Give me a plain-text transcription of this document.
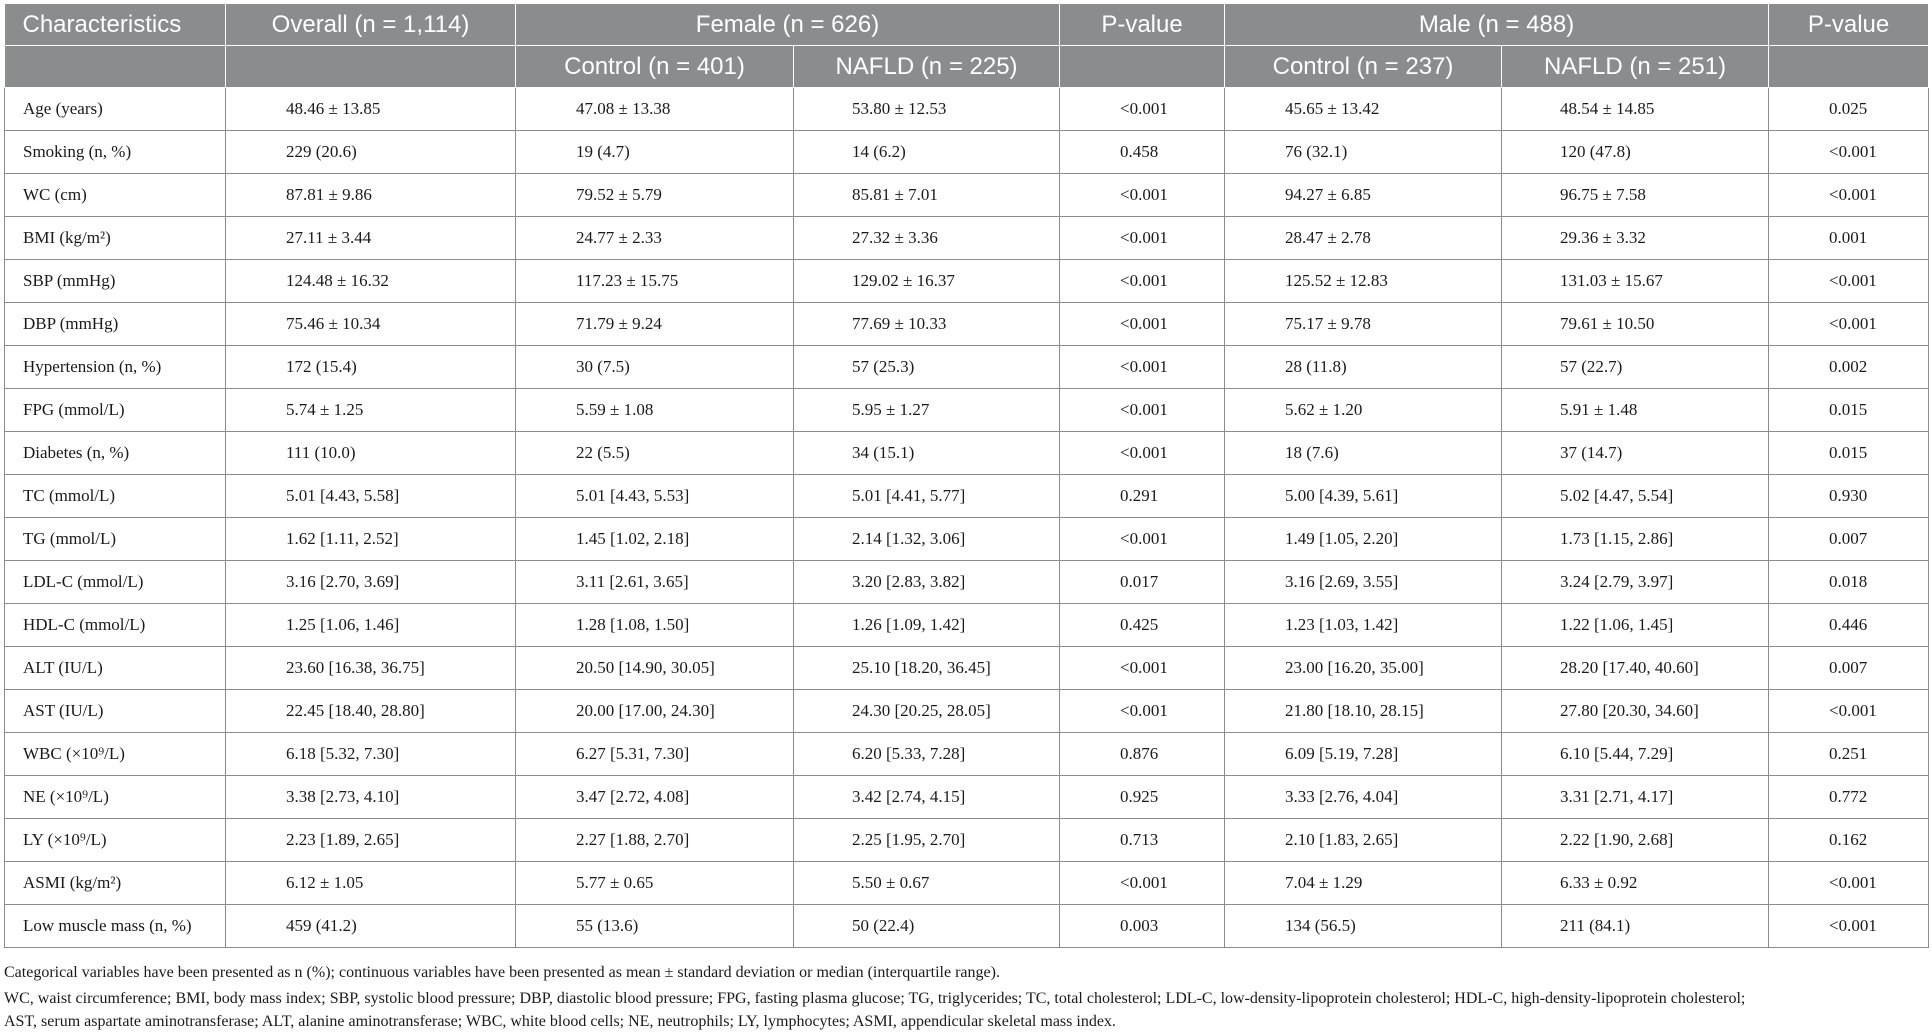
Characteristics	Overall (n = 1,114)	Female (n = 626)		P-value	Male (n = 488)		P-value
		Control (n = 401)	NAFLD (n = 225)		Control (n = 237)	NAFLD (n = 251)	
Age (years)	48.46 ± 13.85	47.08 ± 13.38	53.80 ± 12.53	<0.001	45.65 ± 13.42	48.54 ± 14.85	0.025
Smoking (n, %)	229 (20.6)	19 (4.7)	14 (6.2)	0.458	76 (32.1)	120 (47.8)	<0.001
WC (cm)	87.81 ± 9.86	79.52 ± 5.79	85.81 ± 7.01	<0.001	94.27 ± 6.85	96.75 ± 7.58	<0.001
BMI (kg/m²)	27.11 ± 3.44	24.77 ± 2.33	27.32 ± 3.36	<0.001	28.47 ± 2.78	29.36 ± 3.32	0.001
SBP (mmHg)	124.48 ± 16.32	117.23 ± 15.75	129.02 ± 16.37	<0.001	125.52 ± 12.83	131.03 ± 15.67	<0.001
DBP (mmHg)	75.46 ± 10.34	71.79 ± 9.24	77.69 ± 10.33	<0.001	75.17 ± 9.78	79.61 ± 10.50	<0.001
Hypertension (n, %)	172 (15.4)	30 (7.5)	57 (25.3)	<0.001	28 (11.8)	57 (22.7)	0.002
FPG (mmol/L)	5.74 ± 1.25	5.59 ± 1.08	5.95 ± 1.27	<0.001	5.62 ± 1.20	5.91 ± 1.48	0.015
Diabetes (n, %)	111 (10.0)	22 (5.5)	34 (15.1)	<0.001	18 (7.6)	37 (14.7)	0.015
TC (mmol/L)	5.01 [4.43, 5.58]	5.01 [4.43, 5.53]	5.01 [4.41, 5.77]	0.291	5.00 [4.39, 5.61]	5.02 [4.47, 5.54]	0.930
TG (mmol/L)	1.62 [1.11, 2.52]	1.45 [1.02, 2.18]	2.14 [1.32, 3.06]	<0.001	1.49 [1.05, 2.20]	1.73 [1.15, 2.86]	0.007
LDL-C (mmol/L)	3.16 [2.70, 3.69]	3.11 [2.61, 3.65]	3.20 [2.83, 3.82]	0.017	3.16 [2.69, 3.55]	3.24 [2.79, 3.97]	0.018
HDL-C (mmol/L)	1.25 [1.06, 1.46]	1.28 [1.08, 1.50]	1.26 [1.09, 1.42]	0.425	1.23 [1.03, 1.42]	1.22 [1.06, 1.45]	0.446
ALT (IU/L)	23.60 [16.38, 36.75]	20.50 [14.90, 30.05]	25.10 [18.20, 36.45]	<0.001	23.00 [16.20, 35.00]	28.20 [17.40, 40.60]	0.007
AST (IU/L)	22.45 [18.40, 28.80]	20.00 [17.00, 24.30]	24.30 [20.25, 28.05]	<0.001	21.80 [18.10, 28.15]	27.80 [20.30, 34.60]	<0.001
WBC (×10⁹/L)	6.18 [5.32, 7.30]	6.27 [5.31, 7.30]	6.20 [5.33, 7.28]	0.876	6.09 [5.19, 7.28]	6.10 [5.44, 7.29]	0.251
NE (×10⁹/L)	3.38 [2.73, 4.10]	3.47 [2.72, 4.08]	3.42 [2.74, 4.15]	0.925	3.33 [2.76, 4.04]	3.31 [2.71, 4.17]	0.772
LY (×10⁹/L)	2.23 [1.89, 2.65]	2.27 [1.88, 2.70]	2.25 [1.95, 2.70]	0.713	2.10 [1.83, 2.65]	2.22 [1.90, 2.68]	0.162
ASMI (kg/m²)	6.12 ± 1.05	5.77 ± 0.65	5.50 ± 0.67	<0.001	7.04 ± 1.29	6.33 ± 0.92	<0.001
Low muscle mass (n, %)	459 (41.2)	55 (13.6)	50 (22.4)	0.003	134 (56.5)	211 (84.1)	<0.001
Categorical variables have been presented as n (%); continuous variables have been presented as mean ± standard deviation or median (interquartile range).
WC, waist circumference; BMI, body mass index; SBP, systolic blood pressure; DBP, diastolic blood pressure; FPG, fasting plasma glucose; TG, triglycerides; TC, total cholesterol; LDL-C, low-density-lipoprotein cholesterol; HDL-C, high-density-lipoprotein cholesterol;
AST, serum aspartate aminotransferase; ALT, alanine aminotransferase; WBC, white blood cells; NE, neutrophils; LY, lymphocytes; ASMI, appendicular skeletal mass index.
